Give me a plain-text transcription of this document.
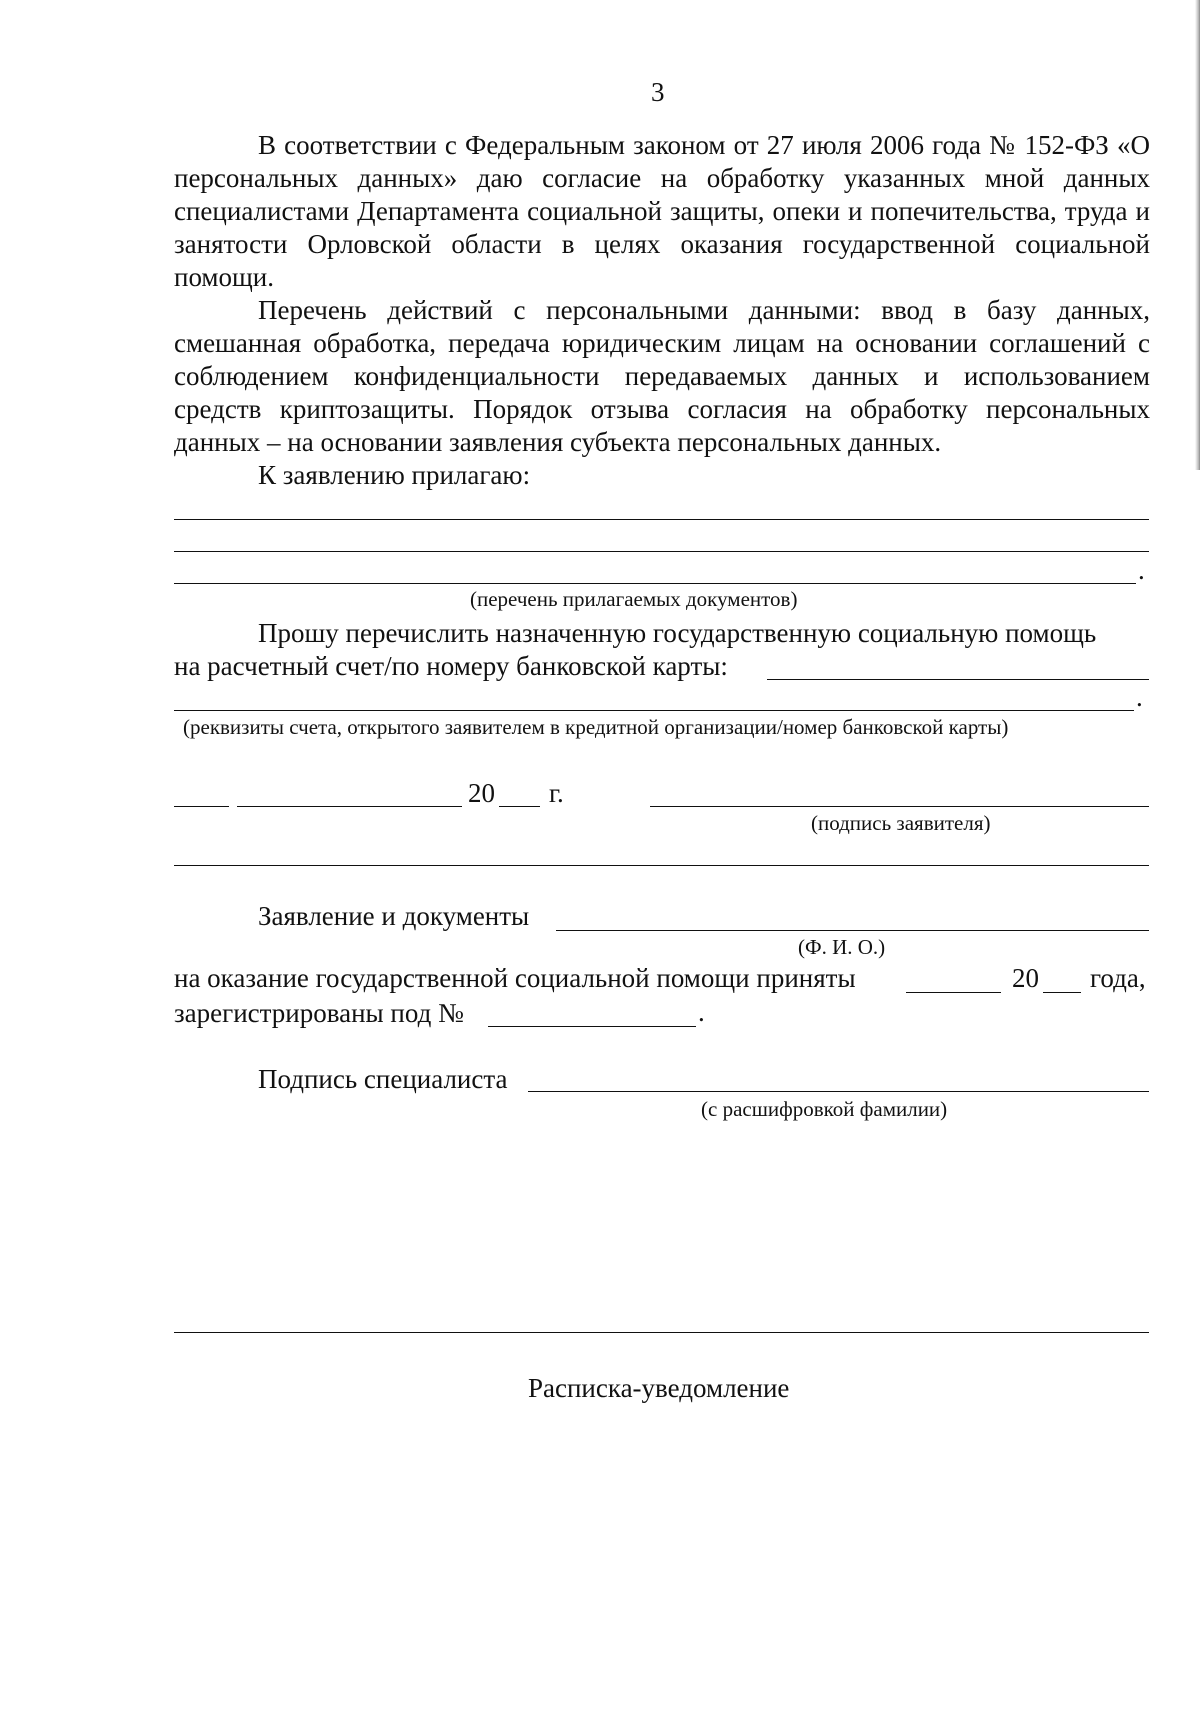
3
В соответствии с Федеральным законом от 27 июля 2006 года № 152-ФЗ «О персональных данных» даю согласие на обработку указанных мной данных специалистами Департамента социальной защиты, опеки и попечительства, труда и занятости Орловской области в целях оказания государственной социальной помощи.
Перечень действий с персональными данными: ввод в базу данных, смешанная обработка, передача юридическим лицам на основании соглашений с соблюдением конфиденциальности передаваемых данных и использованием средств криптозащиты. Порядок отзыва согласия на обработку персональных данных – на основании заявления субъекта персональных данных.
К заявлению прилагаю:
.
(перечень прилагаемых документов)
Прошу перечислить назначенную государственную социальную помощь
на расчетный счет/по номеру банковской карты:
.
(реквизиты счета, открытого заявителем в кредитной организации/номер банковской карты)
20 г.
(подпись заявителя)
Заявление и документы
(Ф. И. О.)
на оказание государственной социальной помощи приняты	20 года,
зарегистрированы под №	.
Подпись специалиста
(с расшифровкой фамилии)
Расписка-уведомление
